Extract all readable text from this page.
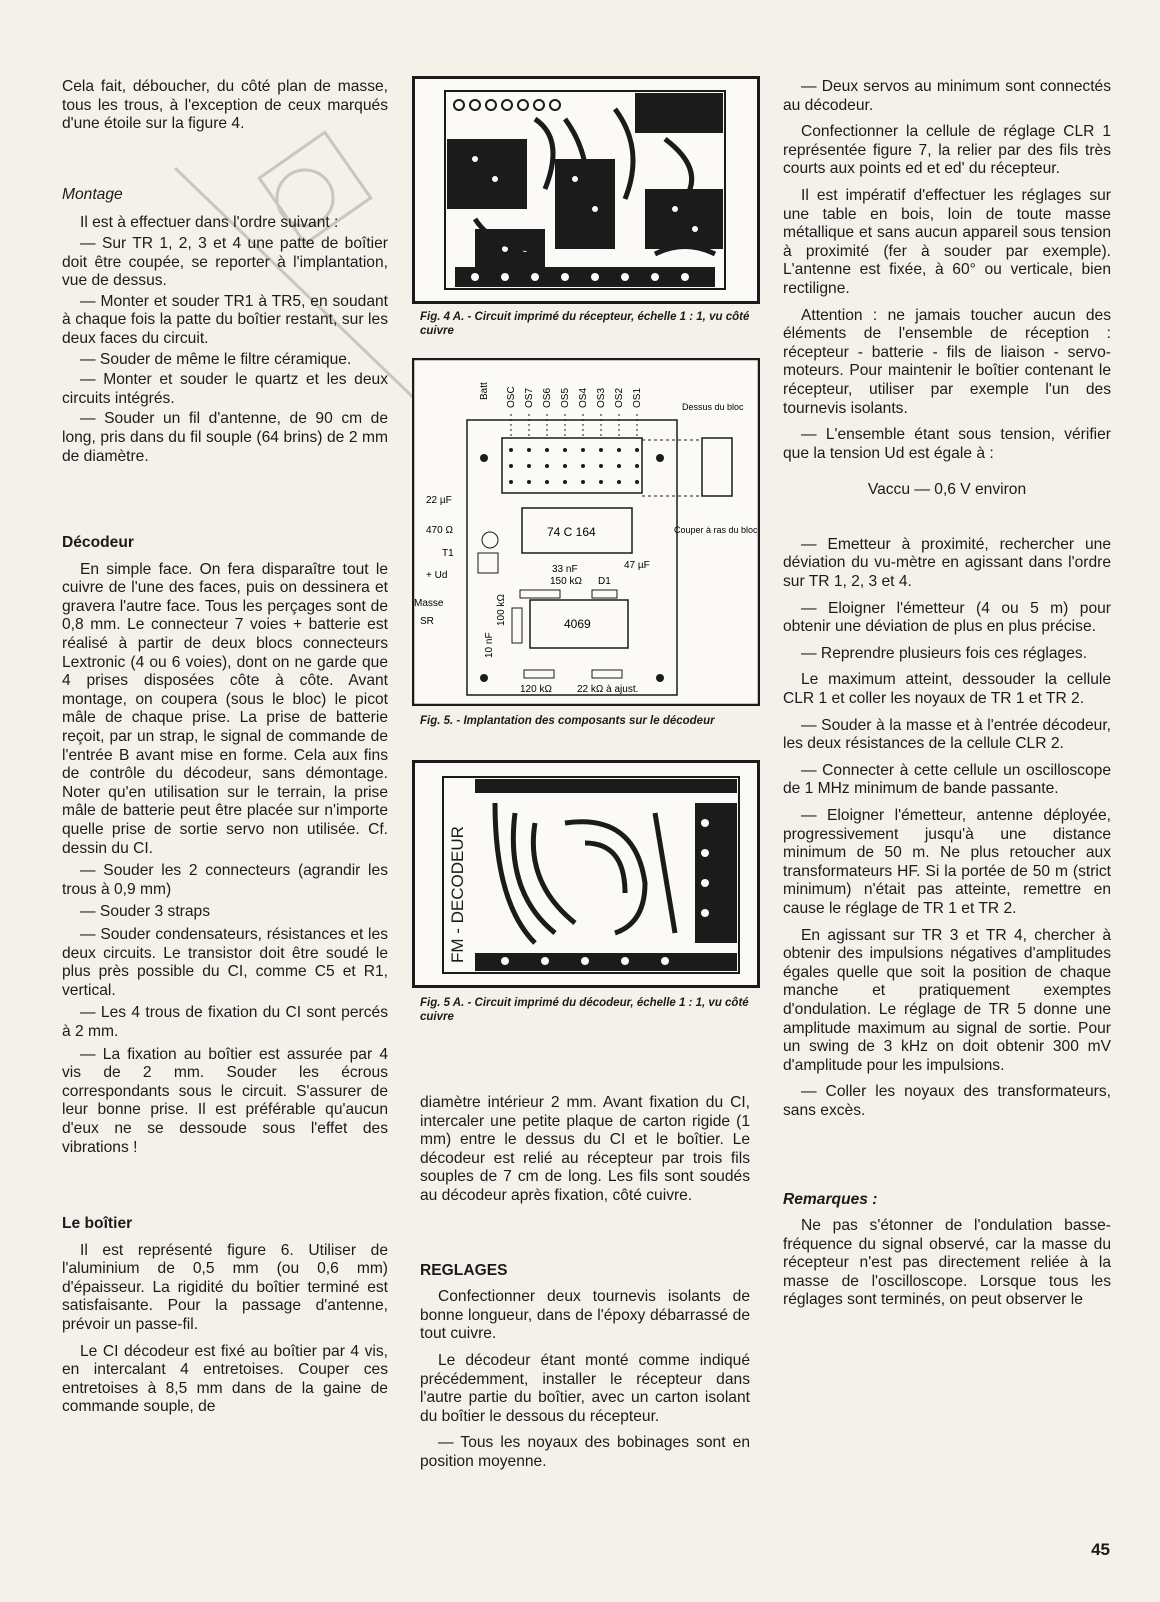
Cela fait, déboucher, du côté plan de masse, tous les trous, à l'exception de ceux marqués d'une étoile sur la figure 4.

Montage

Il est à effectuer dans l'ordre suivant :

— Sur TR 1, 2, 3 et 4 une patte de boîtier doit être coupée, se reporter à l'implantation, vue de dessus.

— Monter et souder TR1 à TR5, en soudant à chaque fois la patte du boîtier restant, sur les deux faces du circuit.

— Souder de même le filtre céramique.

— Monter et souder le quartz et les deux circuits intégrés.

— Souder un fil d'antenne, de 90 cm de long, pris dans du fil souple (64 brins) de 2 mm de diamètre.

Décodeur

En simple face. On fera disparaître tout le cuivre de l'une des faces, puis on dessinera et gravera l'autre face. Tous les perçages sont de 0,8 mm. Le connecteur 7 voies + batterie est réalisé à partir de deux blocs connecteurs Lextronic (4 ou 6 voies), dont on ne garde que 4 prises disposées côte à côte. Avant montage, on coupera (sous le bloc) le picot mâle de chaque prise. La prise de batterie reçoit, par un strap, le signal de commande de l'entrée B avant mise en forme. Cela aux fins de contrôle du décodeur, sans démontage. Noter qu'en utilisation sur le terrain, la prise mâle de batterie peut être placée sur n'importe quelle prise de sortie servo non utilisée. Cf. dessin du CI.

— Souder les 2 connecteurs (agrandir les trous à 0,9 mm)

— Souder 3 straps

— Souder condensateurs, résistances et les deux circuits. Le transistor doit être soudé le plus près possible du CI, comme C5 et R1, vertical.

— Les 4 trous de fixation du CI sont percés à 2 mm.

— La fixation au boîtier est assurée par 4 vis de 2 mm. Souder les écrous correspondants sous le circuit. S'assurer de leur bonne prise. Il est préférable qu'aucun d'eux ne se dessoude sous l'effet des vibrations !

Le boîtier

Il est représenté figure 6. Utiliser de l'aluminium de 0,5 mm (ou 0,6 mm) d'épaisseur. La rigidité du boîtier terminé est satisfaisante. Pour la passage d'antenne, prévoir un passe-fil.

Le CI décodeur est fixé au boîtier par 4 vis, en intercalant 4 entretoises. Couper ces entretoises à 8,5 mm dans de la gaine de commande souple, de

Fig. 4 A. - Circuit imprimé du récepteur, échelle 1 : 1, vu côté cuivre
Batt OSC OS7 OS6 OS5 OS4 OS3 OS2 OS1
74 C 164
4069
Dessus du bloc
Couper à ras du bloc
22 µF
470 Ω
T1
+ Ud
Masse
SR
33 nF
150 kΩ D1
47 µF
100 kΩ
10 nF
120 kΩ	22 kΩ à ajust.
Fig. 5. - Implantation des composants sur le décodeur
FM - DECODEUR
Fig. 5 A. - Circuit imprimé du décodeur, échelle 1 : 1, vu côté cuivre

diamètre intérieur 2 mm. Avant fixation du CI, intercaler une petite plaque de carton rigide (1 mm) entre le dessus du CI et le boîtier. Le décodeur est relié au récepteur par trois fils souples de 7 cm de long. Les fils sont soudés au décodeur après fixation, côté cuivre.

REGLAGES

Confectionner deux tournevis isolants de bonne longueur, dans de l'époxy débarrassé de tout cuivre.

Le décodeur étant monté comme indiqué précédemment, installer le récepteur dans l'autre partie du boîtier, avec un carton isolant du boîtier le dessous du récepteur.

— Tous les noyaux des bobinages sont en position moyenne.

— Deux servos au minimum sont connectés au décodeur.

Confectionner la cellule de réglage CLR 1 représentée figure 7, la relier par des fils très courts aux points ed et ed' du récepteur.

Il est impératif d'effectuer les réglages sur une table en bois, loin de toute masse métallique et sans aucun appareil sous tension à proximité (fer à souder par exemple). L'antenne est fixée, à 60° ou verticale, bien rectiligne.

Attention : ne jamais toucher aucun des éléments de l'ensemble de réception : récepteur - batterie - fils de liaison - servo-moteurs. Pour maintenir le boîtier contenant le récepteur, utiliser par exemple l'un des tournevis isolants.

— L'ensemble étant sous tension, vérifier que la tension Ud est égale à :

Vaccu — 0,6 V environ

— Emetteur à proximité, rechercher une déviation du vu-mètre en agissant dans l'ordre sur TR 1, 2, 3 et 4.

— Eloigner l'émetteur (4 ou 5 m) pour obtenir une déviation de plus en plus précise.

— Reprendre plusieurs fois ces réglages.

Le maximum atteint, dessouder la cellule CLR 1 et coller les noyaux de TR 1 et TR 2.

— Souder à la masse et à l'entrée décodeur, les deux résistances de la cellule CLR 2.

— Connecter à cette cellule un oscilloscope de 1 MHz minimum de bande passante.

— Eloigner l'émetteur, antenne déployée, progressivement jusqu'à une distance minimum de 50 m. Ne plus retoucher aux transformateurs HF. Si la portée de 50 m (strict minimum) n'était pas atteinte, remettre en cause le réglage de TR 1 et TR 2.

En agissant sur TR 3 et TR 4, chercher à obtenir des impulsions négatives d'amplitudes égales quelle que soit la position de chaque manche et pratiquement exemptes d'ondulation. Le réglage de TR 5 donne une amplitude maximum au signal de sortie. Pour un swing de 3 kHz on doit obtenir 300 mV d'amplitude pour les impulsions.

— Coller les noyaux des transformateurs, sans excès.

Remarques :

Ne pas s'étonner de l'ondulation basse-fréquence du signal observé, car la masse du récepteur n'est pas directement reliée à la masse de l'oscilloscope. Lorsque tous les réglages sont terminés, on peut observer le

45
